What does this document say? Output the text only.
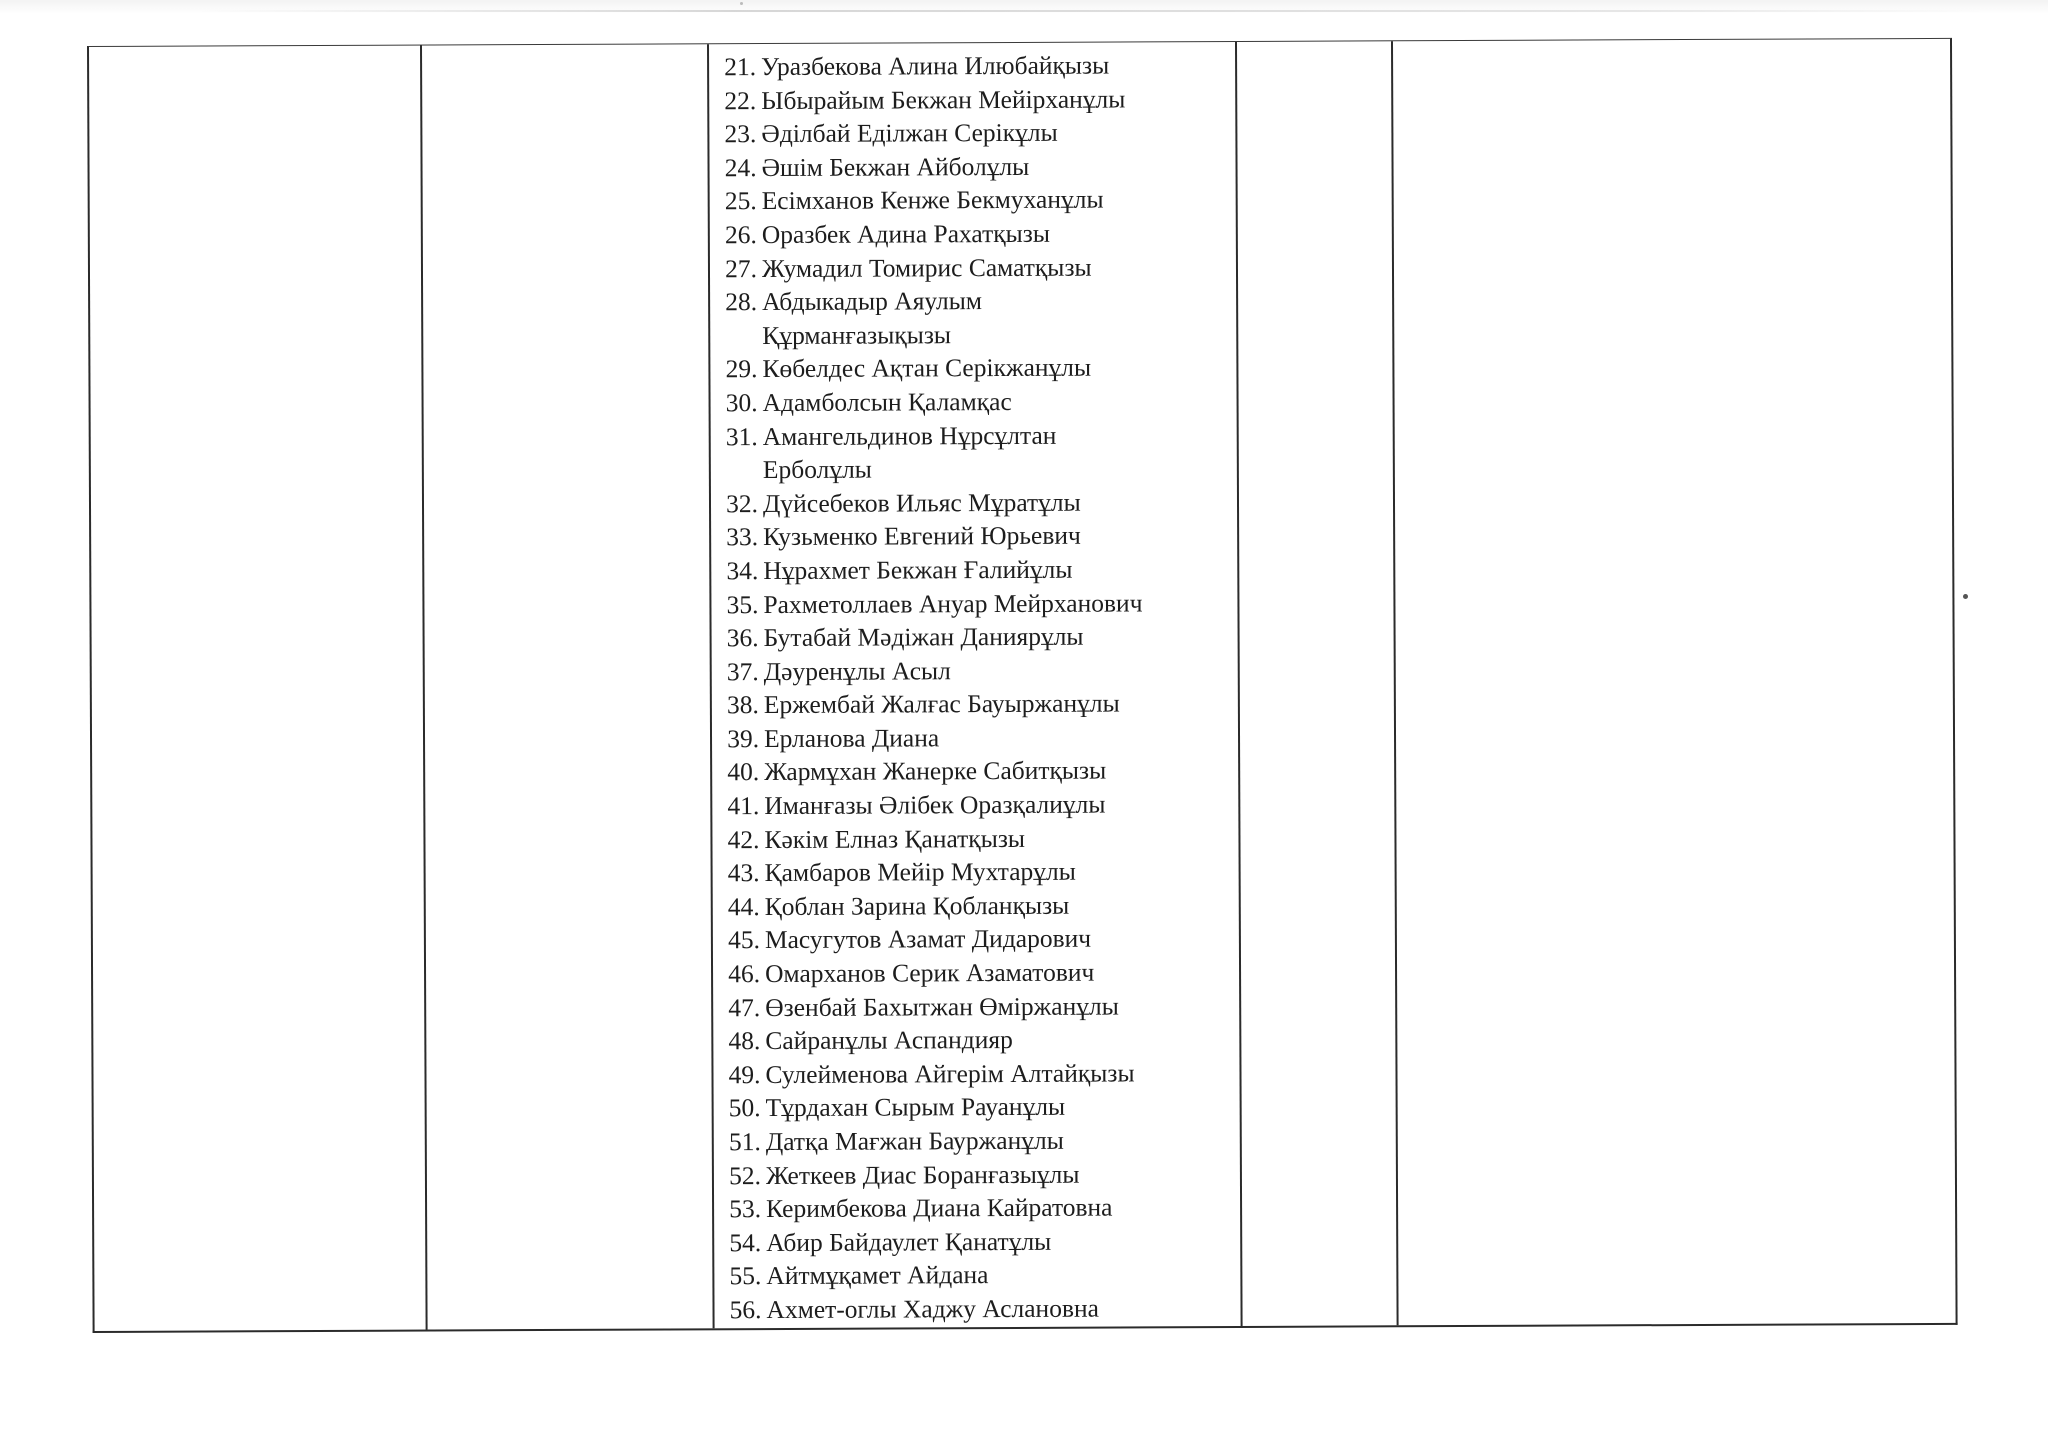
21. Уразбекова Алина Илюбайқызы
22. Ыбырайым Бекжан Мейірханұлы
23. Әділбай Еділжан Серікұлы
24. Әшім Бекжан Айболұлы
25. Есімханов Кенже Бекмуханұлы
26. Оразбек Адина Рахатқызы
27. Жумадил Томирис Саматқызы
28. Абдыкадыр Аяулым Құрманғазықызы
29. Көбелдес Ақтан Серікжанұлы
30. Адамболсын Қаламқас
31. Амангельдинов Нұрсұлтан Ерболұлы
32. Дүйсебеков Ильяс Мұратұлы
33. Кузьменко Евгений Юрьевич
34. Нұрахмет Бекжан Ғалийұлы
35. Рахметоллаев Ануар Мейрханович
36. Бутабай Мәдіжан Даниярұлы
37. Дәуренұлы Асыл
38. Ержембай Жалғас Бауыржанұлы
39. Ерланова Диана
40. Жармұхан Жанерке Сабитқызы
41. Иманғазы Әлібек Оразқалиұлы
42. Кәкім Елназ Қанатқызы
43. Қамбаров Мейір Мухтарұлы
44. Қоблан Зарина Қобланқызы
45. Масугутов Азамат Дидарович
46. Омарханов Серик Азаматович
47. Өзенбай Бахытжан Өміржанұлы
48. Сайранұлы Аспандияр
49. Сулейменова Айгерім Алтайқызы
50. Тұрдахан Сырым Рауанұлы
51. Датқа Мағжан Бауржанұлы
52. Жеткеев Диас Боранғазыұлы
53. Керимбекова Диана Кайратовна
54. Абир Байдаулет Қанатұлы
55. Айтмұқамет Айдана
56. Ахмет-оглы Хаджу Аслановна
